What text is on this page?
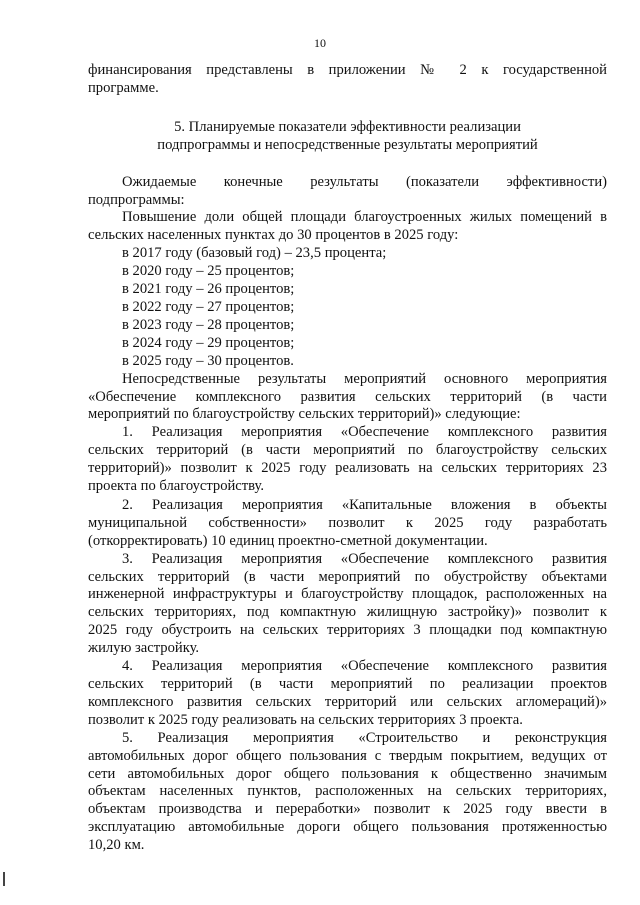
10

финансирования представлены в приложении № 2 к государственной

программе.

5. Планируемые показатели эффективности реализации
подпрограммы и непосредственные результаты мероприятий

Ожидаемые конечные результаты (показатели эффективности)

подпрограммы:

Повышение доли общей площади благоустроенных жилых помещений в

сельских населенных пунктах до 30 процентов в 2025 году:

в 2017 году (базовый год) – 23,5 процента;

в 2020 году – 25 процентов;

в 2021 году – 26 процентов;

в 2022 году – 27 процентов;

в 2023 году – 28 процентов;

в 2024 году – 29 процентов;

в 2025 году – 30 процентов.

Непосредственные результаты мероприятий основного мероприятия

«Обеспечение комплексного развития сельских территорий (в части

мероприятий по благоустройству сельских территорий)» следующие:

1. Реализация мероприятия «Обеспечение комплексного развития

сельских территорий (в части мероприятий по благоустройству сельских

территорий)» позволит к 2025 году реализовать на сельских территориях 23

проекта по благоустройству.

2. Реализация мероприятия «Капитальные вложения в объекты

муниципальной собственности» позволит к 2025 году разработать

(откорректировать) 10 единиц проектно-сметной документации.

3. Реализация мероприятия «Обеспечение комплексного развития

сельских территорий (в части мероприятий по обустройству объектами

инженерной инфраструктуры и благоустройству площадок, расположенных на

сельских территориях, под компактную жилищную застройку)» позволит к

2025 году обустроить на сельских территориях 3 площадки под компактную

жилую застройку.

4. Реализация мероприятия «Обеспечение комплексного развития

сельских территорий (в части мероприятий по реализации проектов

комплексного развития сельских территорий или сельских агломераций)»

позволит к 2025 году реализовать на сельских территориях 3 проекта.

5. Реализация мероприятия «Строительство и реконструкция

автомобильных дорог общего пользования с твердым покрытием, ведущих от

сети автомобильных дорог общего пользования к общественно значимым

объектам населенных пунктов, расположенных на сельских территориях,

объектам производства и переработки» позволит к 2025 году ввести в

эксплуатацию автомобильные дороги общего пользования протяженностью

10,20 км.
